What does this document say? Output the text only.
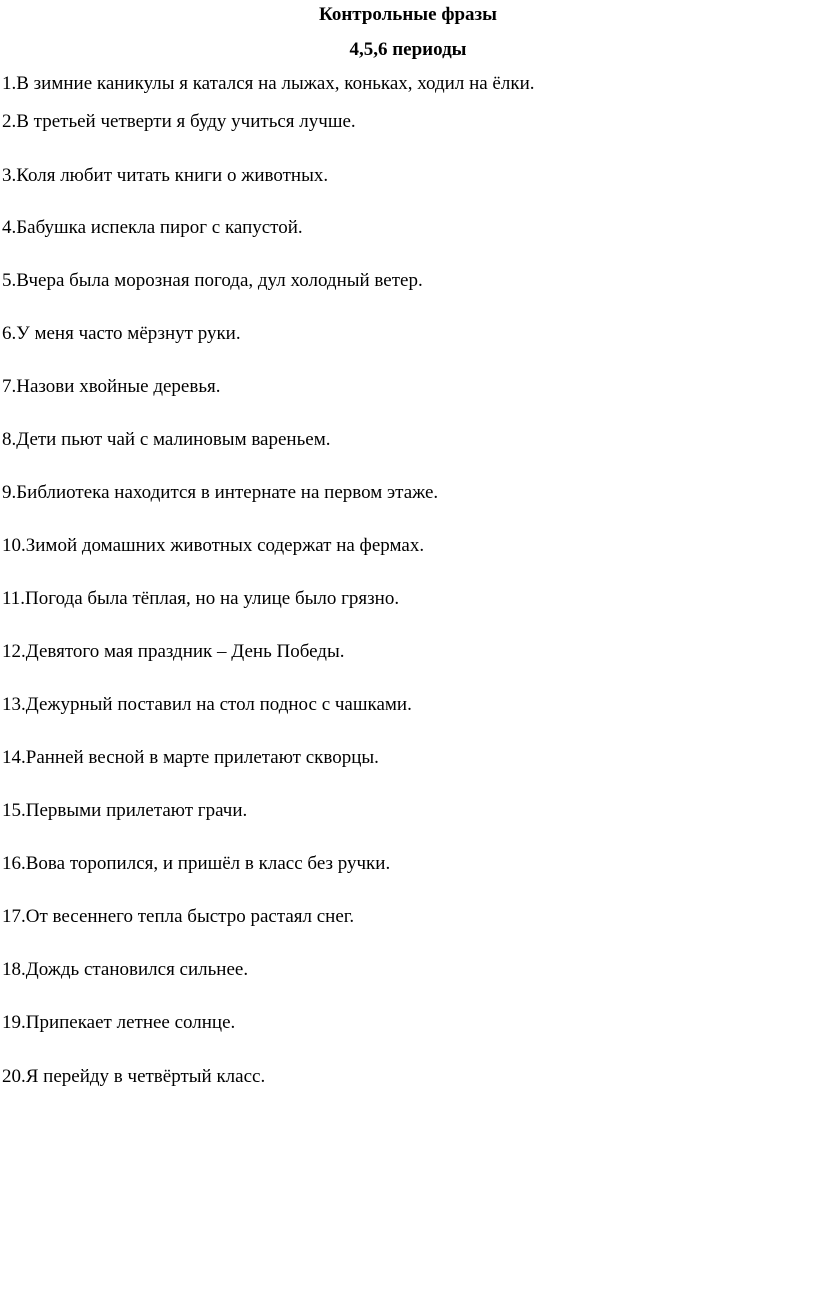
Контрольные фразы
4,5,6 периоды
1.В зимние каникулы я катался на лыжах, коньках, ходил на ёлки.
2.В третьей четверти я буду учиться лучше.
3.Коля любит читать книги о животных.
4.Бабушка испекла пирог с капустой.
5.Вчера была морозная погода, дул холодный ветер.
6.У меня часто мёрзнут руки.
7.Назови хвойные деревья.
8.Дети пьют чай с малиновым вареньем.
9.Библиотека находится в интернате на первом этаже.
10.Зимой домашних животных содержат на фермах.
11.Погода была тёплая, но на улице было грязно.
12.Девятого мая праздник – День Победы.
13.Дежурный поставил на стол поднос с чашками.
14.Ранней весной в марте прилетают скворцы.
15.Первыми прилетают грачи.
16.Вова торопился, и пришёл в класс без ручки.
17.От весеннего тепла быстро растаял снег.
18.Дождь становился сильнее.
19.Припекает летнее солнце.
20.Я перейду в четвёртый класс.
